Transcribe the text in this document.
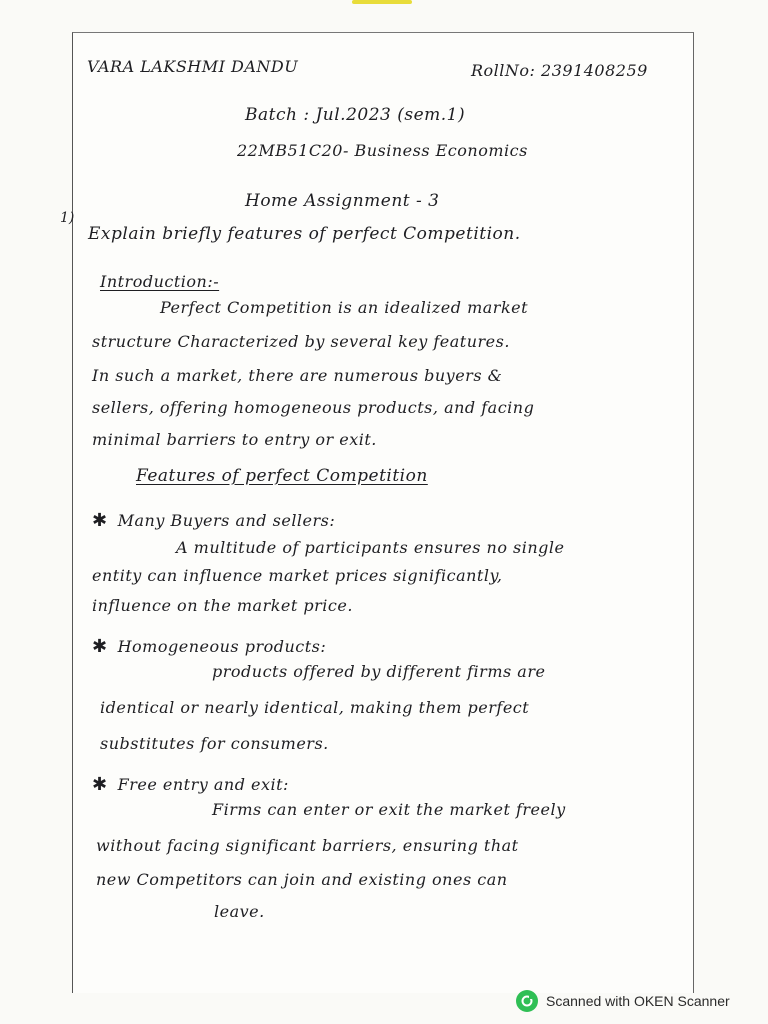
VARA LAKSHMI DANDU	RollNo: 2391408259
Batch : Jul.2023 (sem.1)
22MB51C20- Business Economics
Home Assignment - 3
1)
Explain briefly features of perfect Competition.
Introduction:-
Perfect Competition is an idealized market
structure Characterized by several key features.
In such a market, there are numerous buyers &
sellers, offering homogeneous products, and facing
minimal barriers to entry or exit.
Features of perfect Competition
✱ Many Buyers and sellers:
A multitude of participants ensures no single
entity can influence market prices significantly,
influence on the market price.
✱ Homogeneous products:
products offered by different firms are
identical or nearly identical, making them perfect
substitutes for consumers.
✱ Free entry and exit:
Firms can enter or exit the market freely
without facing significant barriers, ensuring that
new Competitors can join and existing ones can
leave.
Scanned with OKEN Scanner
